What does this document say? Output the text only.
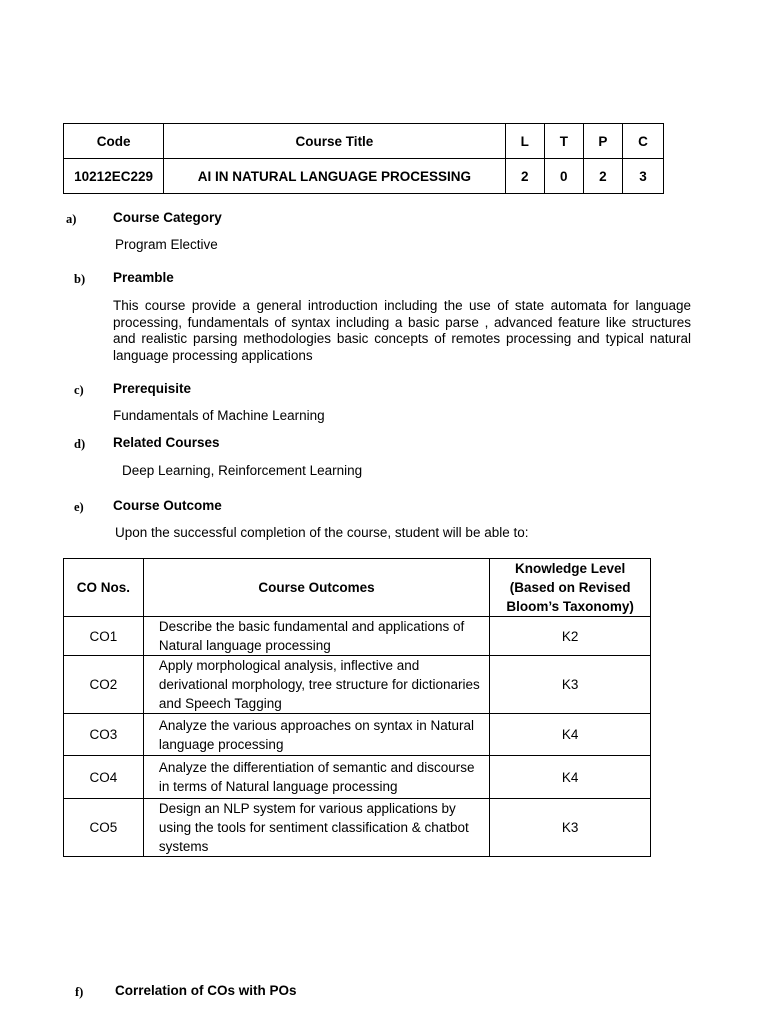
Code	Course Title	L	T	P	C
10212EC229	AI IN NATURAL LANGUAGE PROCESSING	2	0	2	3
a)	Course Category
Program Elective
b) Preamble
This course provide a general introduction including the use of state automata for language processing, fundamentals of syntax including a basic parse , advanced feature like structures and realistic parsing methodologies basic concepts of remotes processing and typical natural language processing applications
c) Prerequisite
Fundamentals of Machine Learning
d) Related Courses
Deep Learning, Reinforcement Learning
e) Course Outcome
Upon the successful completion of the course, student will be able to:
CO Nos.	Course Outcomes	Knowledge Level
(Based on Revised
Bloom’s Taxonomy)

CO1	Describe the basic fundamental and applications of Natural language processing	K2
CO2	Apply morphological analysis, inflective and derivational morphology, tree structure for dictionaries and Speech Tagging	K3
CO3	Analyze the various approaches on syntax in Natural language processing	K4
CO4	Analyze the differentiation of semantic and discourse in terms of Natural language processing	K4
CO5	Design an NLP system for various applications by using the tools for sentiment classification & chatbot systems	K3
f) Correlation of COs with POs
